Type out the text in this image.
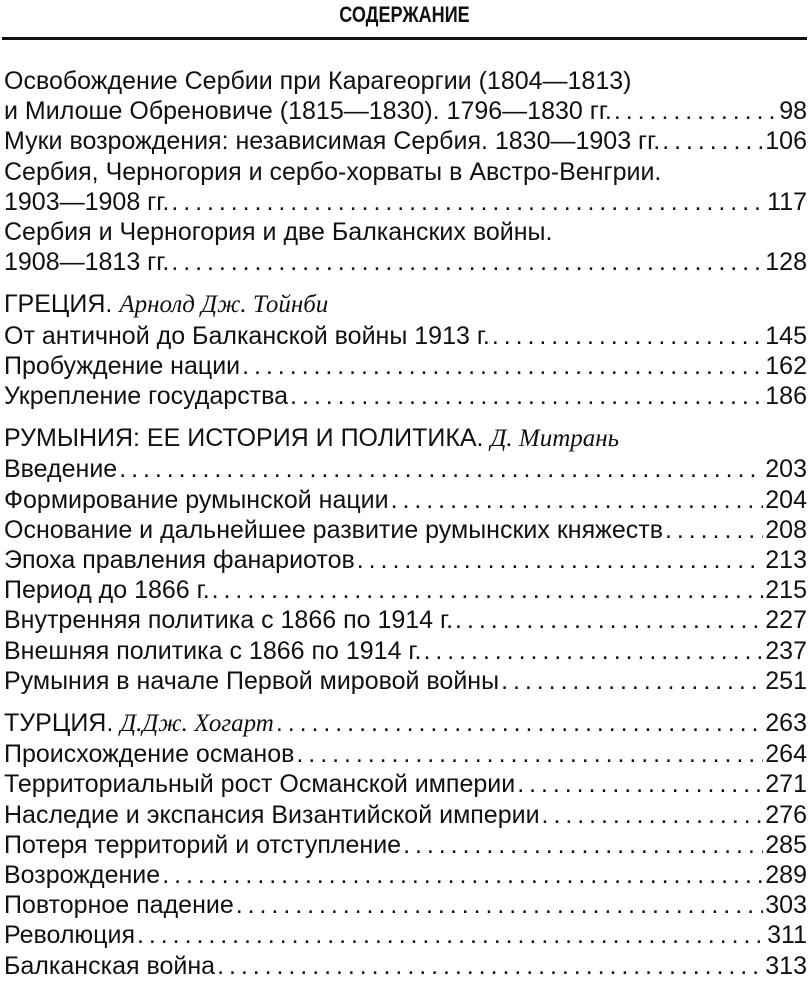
СОДЕРЖАНИЕ
Освобождение Сербии при Карагеоргии (1804—1813)
и Милоше Обреновиче (1815—1830). 1796—1830 гг. . . .	98
Муки возрождения: независимая Сербия. 1830—1903 гг. . . .	106
Сербия, Черногория и сербо-хорваты в Австро-Венгрии.
1903—1908 гг. . . .	117
Сербия и Черногория и две Балканских войны.
1908—1813 гг. . . .	128
ГРЕЦИЯ. Арнолд Дж. Тойнби
От античной до Балканской войны 1913 г. . . .	145
Пробуждение нации . . .	162
Укрепление государства . . .	186
РУМЫНИЯ: ЕЕ ИСТОРИЯ И ПОЛИТИКА. Д. Митрань
Введение . . .	203
Формирование румынской нации . . .	204
Основание и дальнейшее развитие румынских княжеств . . .	208
Эпоха правления фанариотов . . .	213
Период до 1866 г. . . .	215
Внутренняя политика с 1866 по 1914 г. . . .	227
Внешняя политика с 1866 по 1914 г. . . .	237
Румыния в начале Первой мировой войны . . .	251
ТУРЦИЯ. Д.Дж. Хогарт . . .	263
Происхождение османов . . .	264
Территориальный рост Османской империи . . .	271
Наследие и экспансия Византийской империи . . .	276
Потеря территорий и отступление . . .	285
Возрождение . . .	289
Повторное падение . . .	303
Революция . . .	311
Балканская война . . .	313
